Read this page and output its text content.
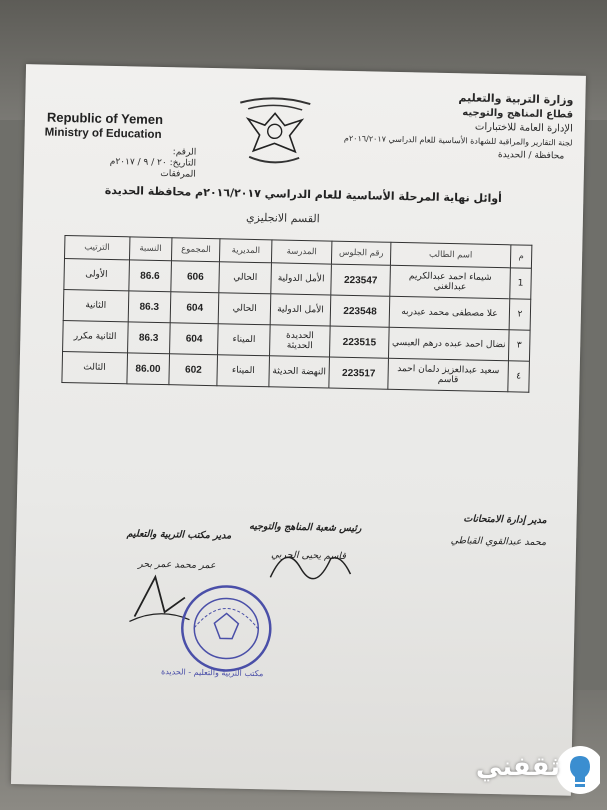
Republic of Yemen
Ministry of Education
الرقم:
التاريخ: ٢٠ / ٩ / ٢٠١٧م
المرفقات
وزارة التربية والتعليم
قطاع المناهج والتوجيه
الإدارة العامة للاختبارات
لجنة التقارير والمراقبة للشهادة الأساسية للعام الدراسي ٢٠١٦/٢٠١٧م
محافظة / الحديدة
أوائل نهاية المرحلة الأساسية للعام الدراسي ٢٠١٦/٢٠١٧م محافظة الحديدة
القسم الانجليزي
م	اسم الطالب	رقم الجلوس	المدرسة	المديرية	المجموع	النسبة	الترتيب
1	شيماء احمد عبدالكريم عبدالغني	223547	الأمل الدولية	الحالي	606	86.6	الأولى
٢	علا مصطفى محمد عبدربه	223548	الأمل الدولية	الحالي	604	86.3	الثانية
٣	نضال احمد عبده درهم العبسي	223515	الحديدة الحديثة	الميناء	604	86.3	الثانية مكرر
٤	سعيد عبدالعزيز دلمان احمد قاسم	223517	النهضة الحديثة	الميناء	602	86.00	الثالث
مدير إدارة الامتحانات
محمد عبدالقوي القباطي
رئيس شعبة المناهج والتوجيه
قاسم يحيى الحربي
مدير مكتب التربية والتعليم
عمر محمد عمر بحر
مكتب التربية والتعليم - الحديدة
ثقفني
